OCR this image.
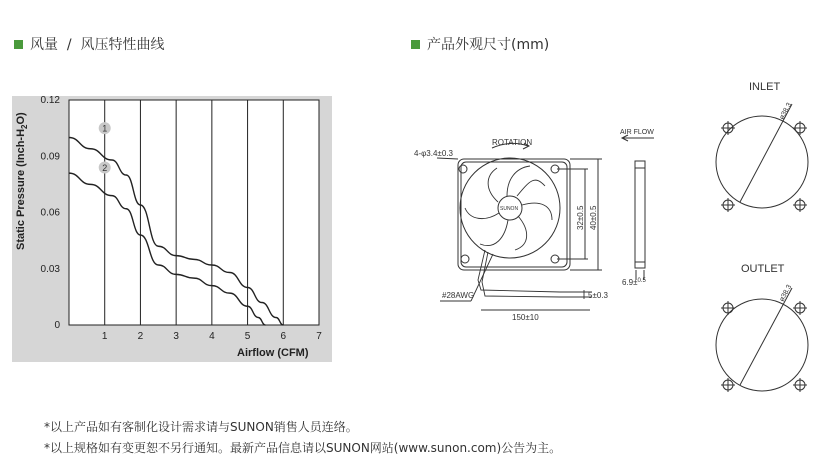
风量  /  风压特性曲线	产品外观尺寸(mm)
0
0.03
0.06
0.09
0.12
1	2	3	4	5	6	7
1
2
Static Pressure $(Inch-H_2O)$
Airflow (CFM)
ROTATION
4-φ3.4±0.3
SUNON	32±0.5 40±0.5
AIR FLOW
6.9±$^{0.5}$
#28AWG
150±10
5±0.3
INLET
OUTLET
ø38.3
ø38.3
*以上产品如有客制化设计需求请与SUNON销售人员连络。
*以上规格如有变更恕不另行通知。最新产品信息请以SUNON网站(www.sunon.com)公告为主。
